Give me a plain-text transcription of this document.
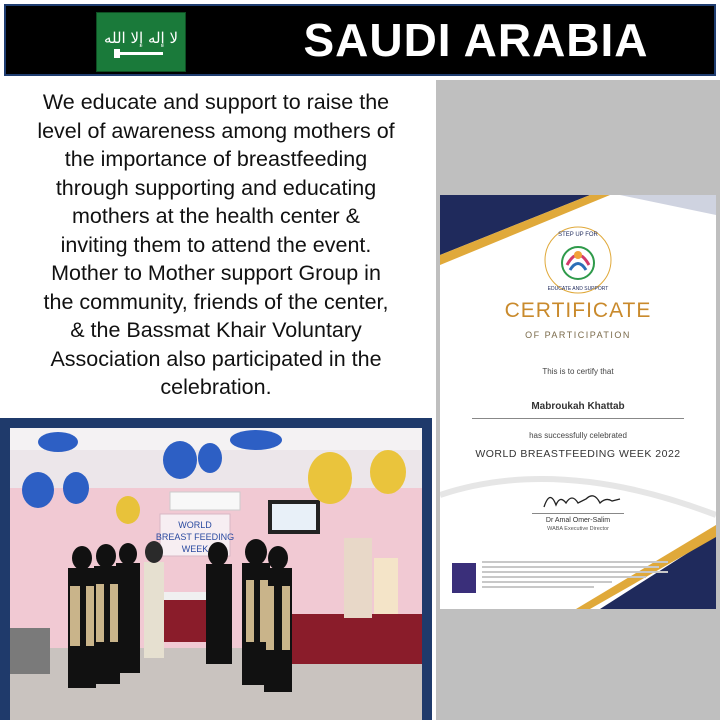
لا إله إلا الله	SAUDI ARABIA
We educate and support to raise the
level of awareness among mothers of
the importance of breastfeeding
through supporting and educating
mothers at the health center &
inviting them to attend the event.
Mother to Mother support Group in
the community, friends of the center,
& the Bassmat Khair Voluntary
Association also participated in the
celebration.
STEP UP FOR
EDUCATE AND SUPPORT
CERTIFICATE
OF PARTICIPATION
This is to certify that
Mabroukah Khattab
has successfully celebrated
WORLD BREASTFEEDING WEEK 2022
Dr Amal Omer-Salim
WABA Executive Director
WORLD
BREAST FEEDING
WEEK
